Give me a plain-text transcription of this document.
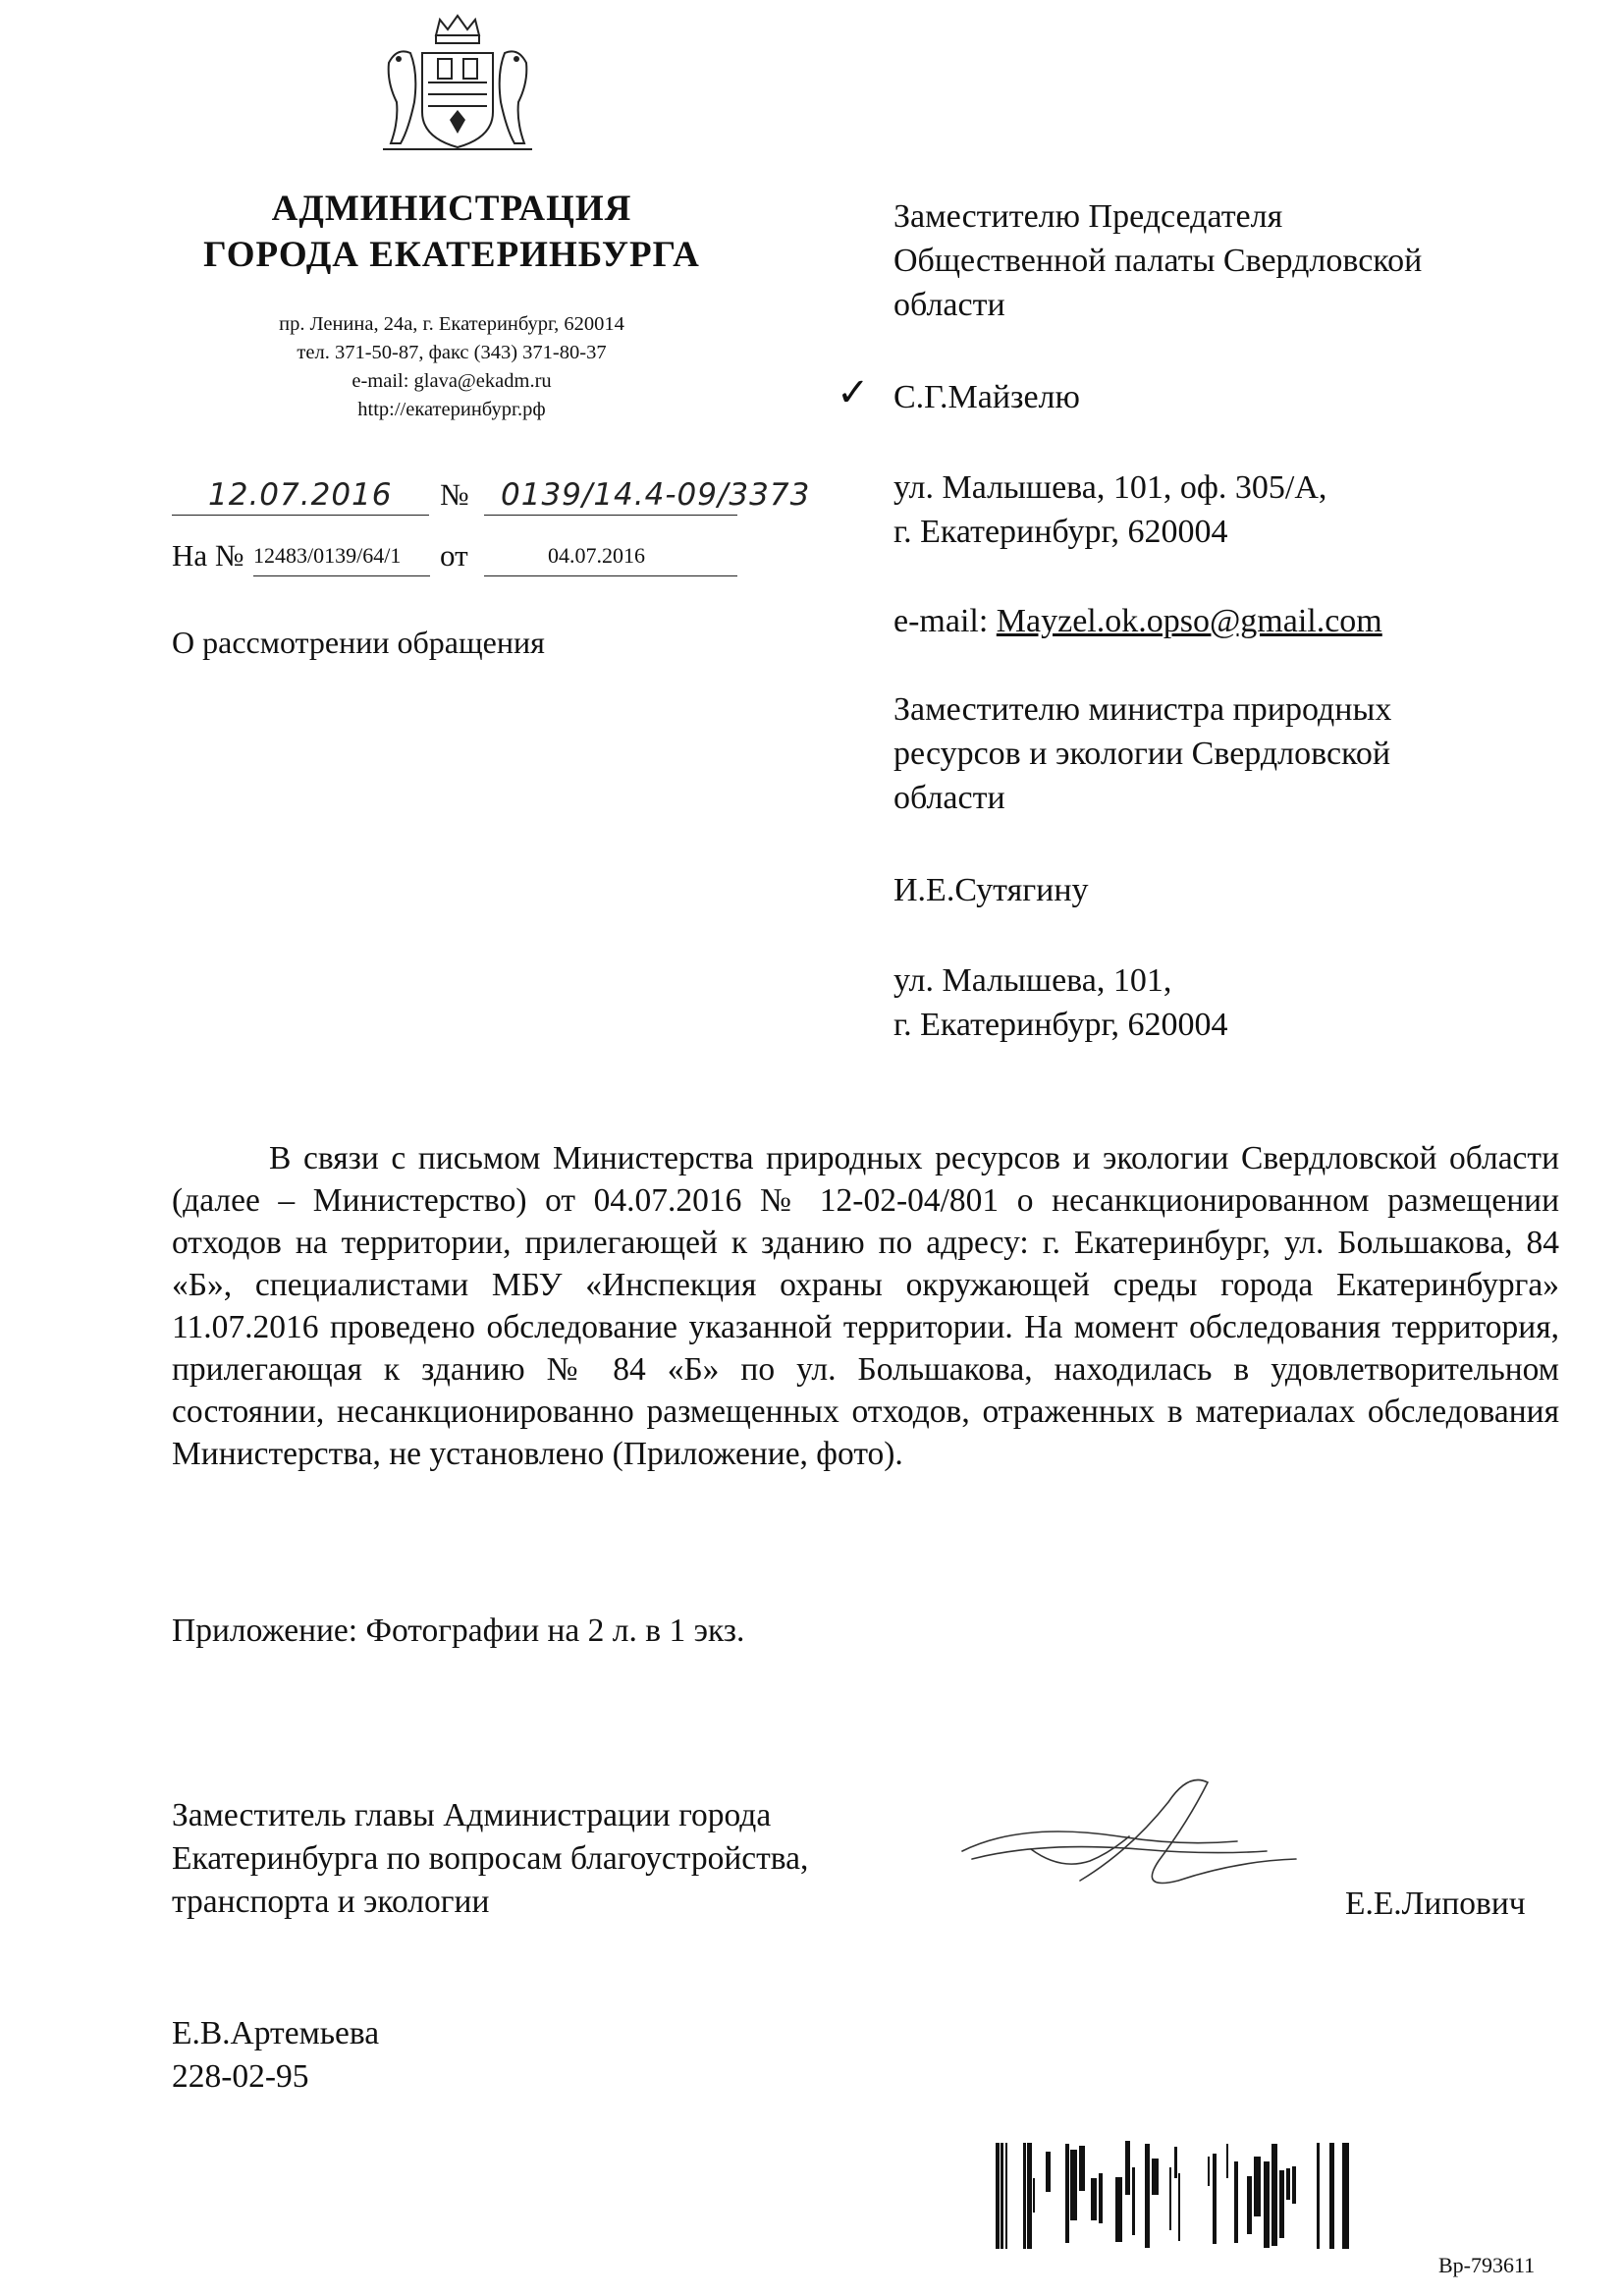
АДМИНИСТРАЦИЯ
ГОРОДА ЕКАТЕРИНБУРГА
пр. Ленина, 24а, г. Екатеринбург, 620014
тел. 371-50-87, факс (343) 371-80-37
e-mail: glava@ekadm.ru
http://екатеринбург.рф
12.07.2016 № 0139/14.4-09/3373
На № 12483/0139/64/1 от	04.07.2016
О рассмотрении обращения
Заместителю Председателя
Общественной палаты Свердловской
области
✓ С.Г.Майзелю
ул. Малышева, 101, оф. 305/А,
г. Екатеринбург, 620004
e-mail: Mayzel.ok.opso@gmail.com
Заместителю министра природных
ресурсов и экологии Свердловской
области
И.Е.Сутягину
ул. Малышева, 101,
г. Екатеринбург, 620004

В связи с письмом Министерства природных ресурсов и экологии Свердловской области (далее – Министерство) от 04.07.2016 № 12-02-04/801 о несанкционированном размещении отходов на территории, прилегающей к зданию по адресу: г. Екатеринбург, ул. Большакова, 84 «Б», специалистами МБУ «Инспекция охраны окружающей среды города Екатеринбурга» 11.07.2016 проведено обследование указанной территории. На момент обследования территория, прилегающая к зданию № 84 «Б» по ул. Большакова, находилась в удовлетворительном состоянии, несанкционированно размещенных отходов, отраженных в материалах обследования Министерства, не установлено (Приложение, фото).

Приложение: Фотографии на 2 л. в 1 экз.
Заместитель главы Администрации города
Екатеринбурга по вопросам благоустройства,
транспорта и экологии	Е.Е.Липович
Е.В.Артемьева
228-02-95
Вр-793611
